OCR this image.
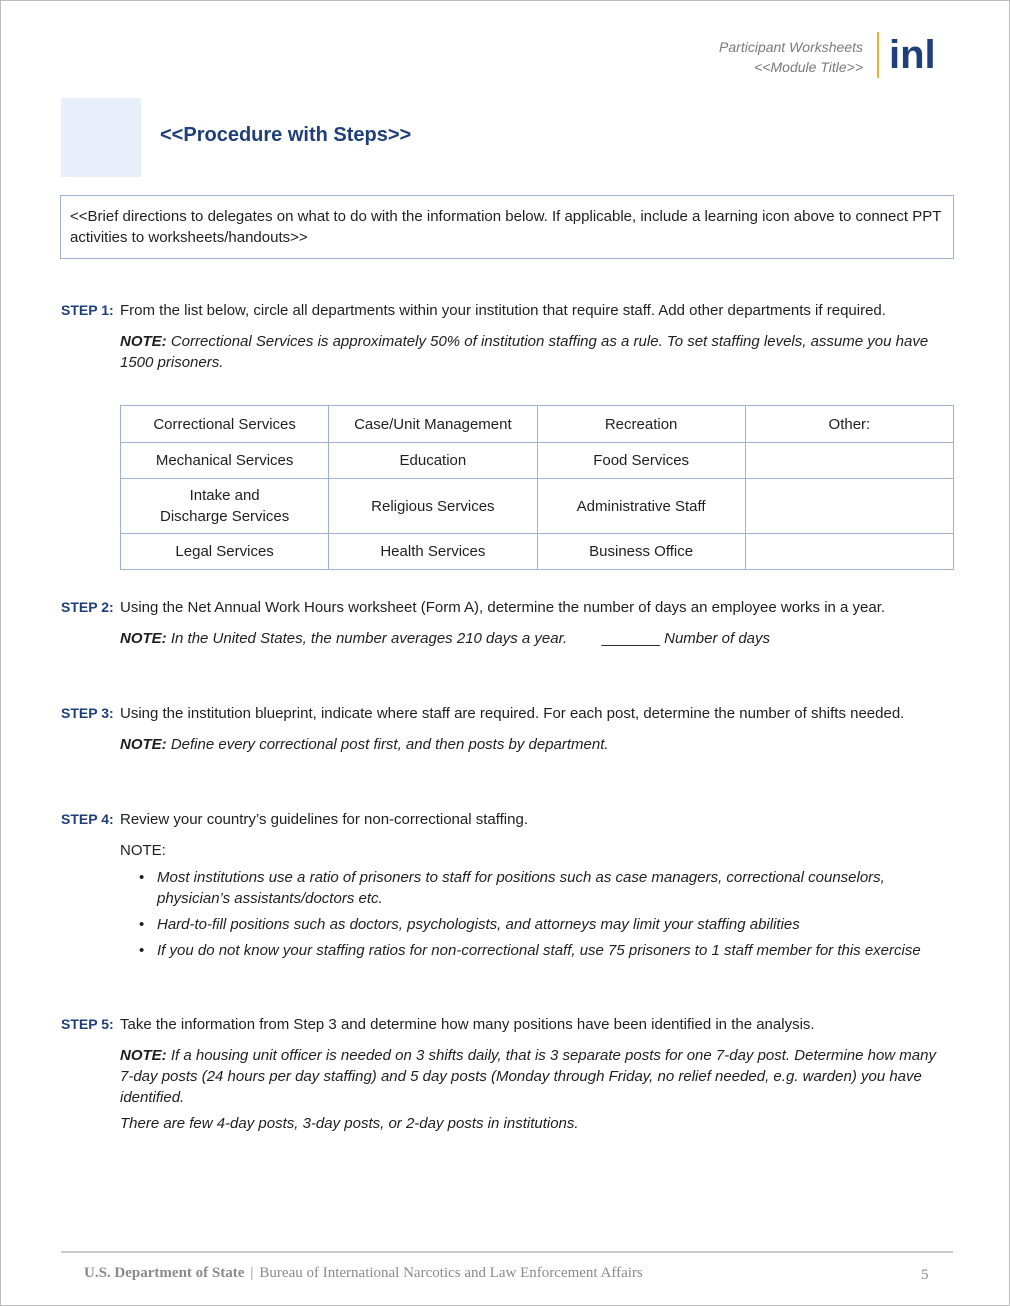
Participant Worksheets
<<Module Title>> inl
<<Procedure with Steps>>
<<Brief directions to delegates on what to do with the information below. If applicable, include a learning icon above to connect PPT activities to worksheets/handouts>>
STEP 1: From the list below, circle all departments within your institution that require staff. Add other departments if required.
NOTE: Correctional Services is approximately 50% of institution staffing as a rule. To set staffing levels, assume you have 1500 prisoners.
Correctional Services	Case/Unit Management	Recreation	Other:
Mechanical Services	Education	Food Services	
Intake and
Discharge Services	Religious Services	Administrative Staff	
Legal Services	Health Services	Business Office	
STEP 2: Using the Net Annual Work Hours worksheet (Form A), determine the number of days an employee works in a year.
NOTE: In the United States, the number averages 210 days a year. _______ Number of days
STEP 3: Using the institution blueprint, indicate where staff are required. For each post, determine the number of shifts needed.
NOTE: Define every correctional post first, and then posts by department.
STEP 4: Review your country’s guidelines for non-correctional staffing.
NOTE:
• Most institutions use a ratio of prisoners to staff for positions such as case managers, correctional counselors, physician’s assistants/doctors etc.
• Hard-to-fill positions such as doctors, psychologists, and attorneys may limit your staffing abilities
• If you do not know your staffing ratios for non-correctional staff, use 75 prisoners to 1 staff member for this exercise
STEP 5: Take the information from Step 3 and determine how many positions have been identified in the analysis.
NOTE: If a housing unit officer is needed on 3 shifts daily, that is 3 separate posts for one 7-day post. Determine how many 7-day posts (24 hours per day staffing) and 5 day posts (Monday through Friday, no relief needed, e.g. warden) you have identified.
There are few 4-day posts, 3-day posts, or 2-day posts in institutions.
U.S. Department of State | Bureau of International Narcotics and Law Enforcement Affairs	5
